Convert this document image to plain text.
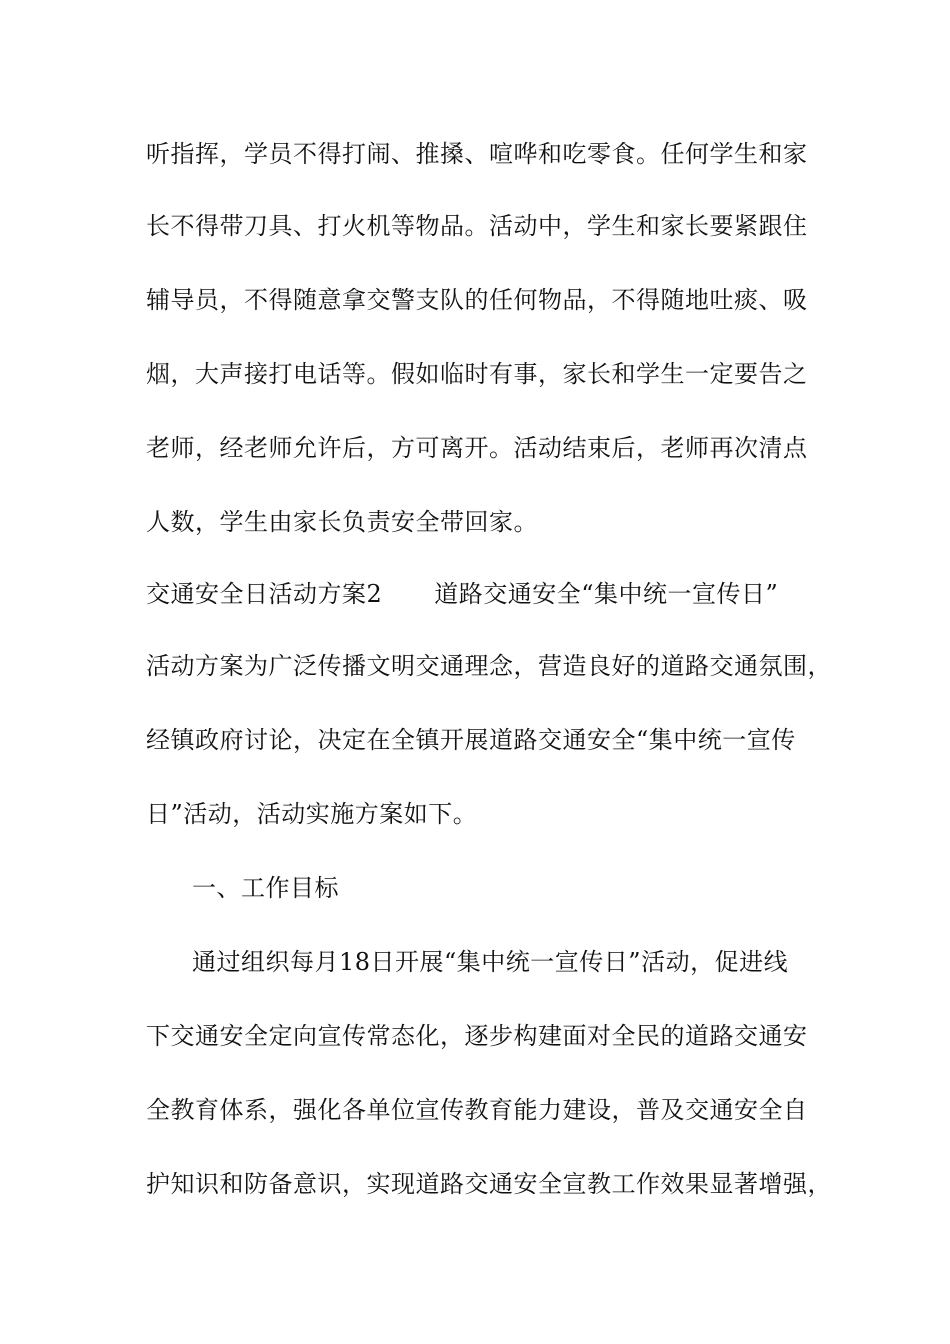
听指挥，学员不得打闹、推搡、喧哗和吃零食。任何学生和家
长不得带刀具、打火机等物品。活动中，学生和家长要紧跟住
辅导员，不得随意拿交警支队的任何物品，不得随地吐痰、吸
烟，大声接打电话等。假如临时有事，家长和学生一定要告之
老师，经老师允许后，方可离开。活动结束后，老师再次清点
人数，学生由家长负责安全带回家。
交通安全日活动方案2 道路交通安全“集中统一宣传日”
活动方案为广泛传播文明交通理念，营造良好的道路交通氛围，
经镇政府讨论，决定在全镇开展道路交通安全“集中统一宣传
日”活动，活动实施方案如下。
一、工作目标
通过组织每月18日开展“集中统一宣传日”活动，促进线
下交通安全定向宣传常态化，逐步构建面对全民的道路交通安
全教育体系，强化各单位宣传教育能力建设，普及交通安全自
护知识和防备意识，实现道路交通安全宣教工作效果显著增强，
